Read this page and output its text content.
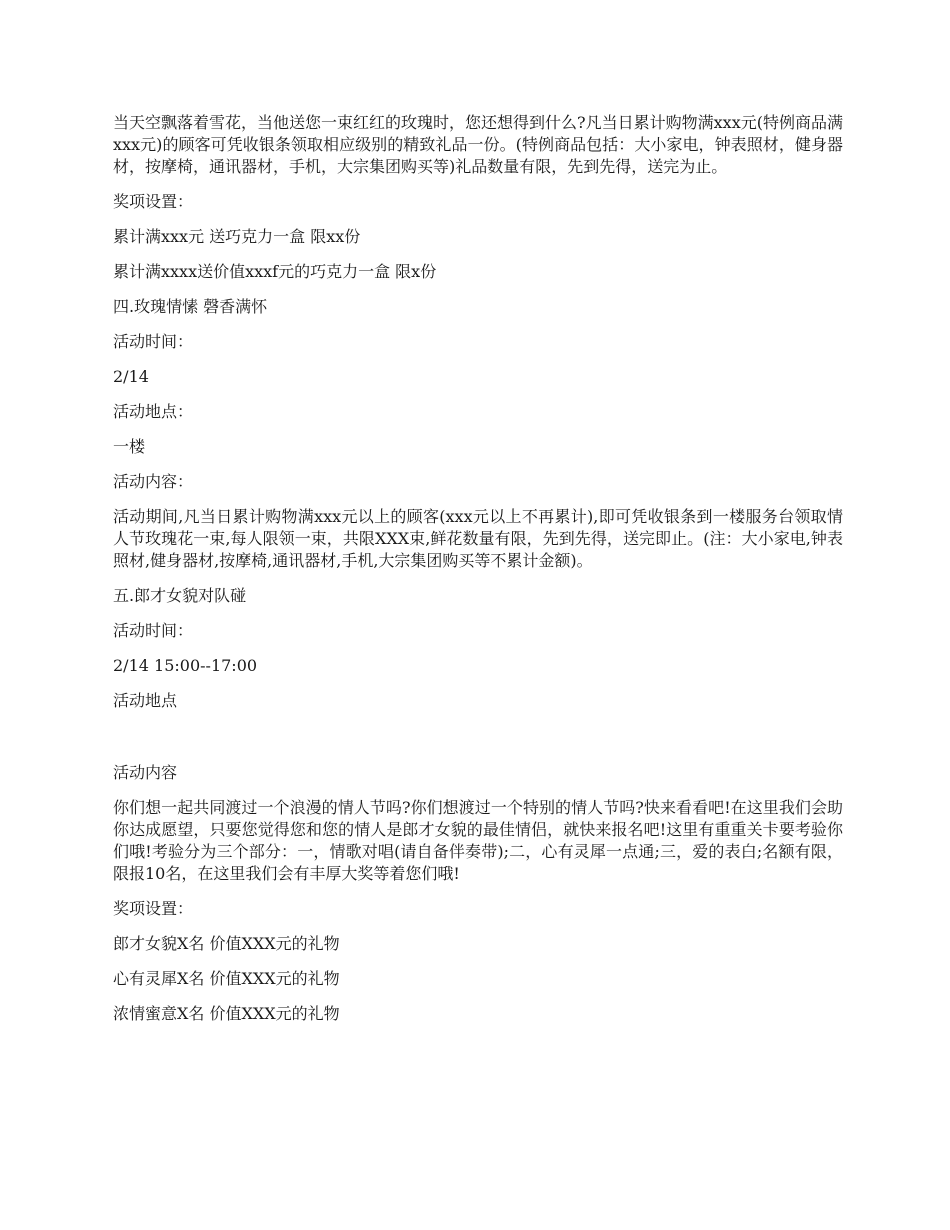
当天空飘落着雪花，当他送您一束红红的玫瑰时，您还想得到什么?凡当日累计购物满xxx元(特例商品满xxx元)的顾客可凭收银条领取相应级别的精致礼品一份。(特例商品包括：大小家电，钟表照材，健身器材，按摩椅，通讯器材，手机，大宗集团购买等)礼品数量有限，先到先得，送完为止。

奖项设置：

累计满xxx元 送巧克力一盒 限xx份

累计满xxxx送价值xxxf元的巧克力一盒 限x份

四.玫瑰情愫 磬香满怀

活动时间：

2/14

活动地点：

一楼

活动内容：

活动期间,凡当日累计购物满xxx元以上的顾客(xxx元以上不再累计),即可凭收银条到一楼服务台领取情人节玫瑰花一束,每人限领一束，共限XXX束,鲜花数量有限，先到先得，送完即止。(注：大小家电,钟表照材,健身器材,按摩椅,通讯器材,手机,大宗集团购买等不累计金额)。

五.郎才女貌对队碰

活动时间：

2/14 15:00--17:00

活动地点

活动内容

你们想一起共同渡过一个浪漫的情人节吗?你们想渡过一个特别的情人节吗?快来看看吧!在这里我们会助你达成愿望，只要您觉得您和您的情人是郎才女貌的最佳情侣，就快来报名吧!这里有重重关卡要考验你们哦!考验分为三个部分：一，情歌对唱(请自备伴奏带);二，心有灵犀一点通;三，爱的表白;名额有限，限报10名，在这里我们会有丰厚大奖等着您们哦!

奖项设置：

郎才女貌X名 价值XXX元的礼物

心有灵犀X名 价值XXX元的礼物

浓情蜜意X名 价值XXX元的礼物
